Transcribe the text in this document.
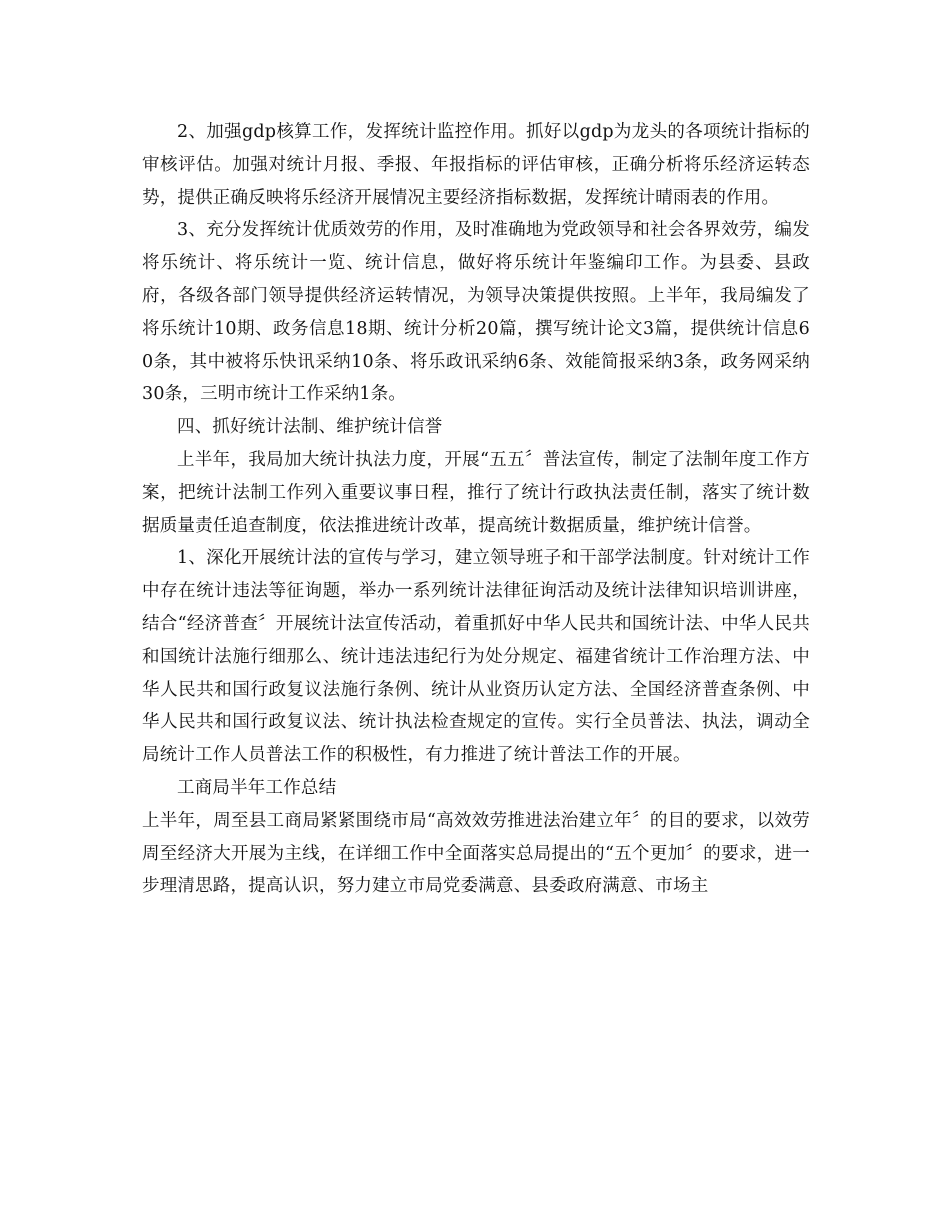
2、加强gdp核算工作，发挥统计监控作用。抓好以gdp为龙头的各项统计指标的审核评估。加强对统计月报、季报、年报指标的评估审核，正确分析将乐经济运转态势，提供正确反映将乐经济开展情况主要经济指标数据，发挥统计晴雨表的作用。

3、充分发挥统计优质效劳的作用，及时准确地为党政领导和社会各界效劳，编发将乐统计、将乐统计一览、统计信息，做好将乐统计年鉴编印工作。为县委、县政府，各级各部门领导提供经济运转情况，为领导决策提供按照。上半年，我局编发了将乐统计10期、政务信息18期、统计分析20篇，撰写统计论文3篇，提供统计信息60条，其中被将乐快讯采纳10条、将乐政讯采纳6条、效能简报采纳3条，政务网采纳30条，三明市统计工作采纳1条。

四、抓好统计法制、维护统计信誉

上半年，我局加大统计执法力度，开展“五五〞普法宣传，制定了法制年度工作方案，把统计法制工作列入重要议事日程，推行了统计行政执法责任制，落实了统计数据质量责任追查制度，依法推进统计改革，提高统计数据质量，维护统计信誉。

1、深化开展统计法的宣传与学习，建立领导班子和干部学法制度。针对统计工作中存在统计违法等征询题，举办一系列统计法律征询活动及统计法律知识培训讲座，结合“经济普查〞开展统计法宣传活动，着重抓好中华人民共和国统计法、中华人民共和国统计法施行细那么、统计违法违纪行为处分规定、福建省统计工作治理方法、中华人民共和国行政复议法施行条例、统计从业资历认定方法、全国经济普查条例、中华人民共和国行政复议法、统计执法检查规定的宣传。实行全员普法、执法，调动全局统计工作人员普法工作的积极性，有力推进了统计普法工作的开展。

工商局半年工作总结

上半年，周至县工商局紧紧围绕市局“高效效劳推进法治建立年〞的目的要求，以效劳周至经济大开展为主线，在详细工作中全面落实总局提出的“五个更加〞的要求，进一步理清思路，提高认识，努力建立市局党委满意、县委政府满意、市场主
